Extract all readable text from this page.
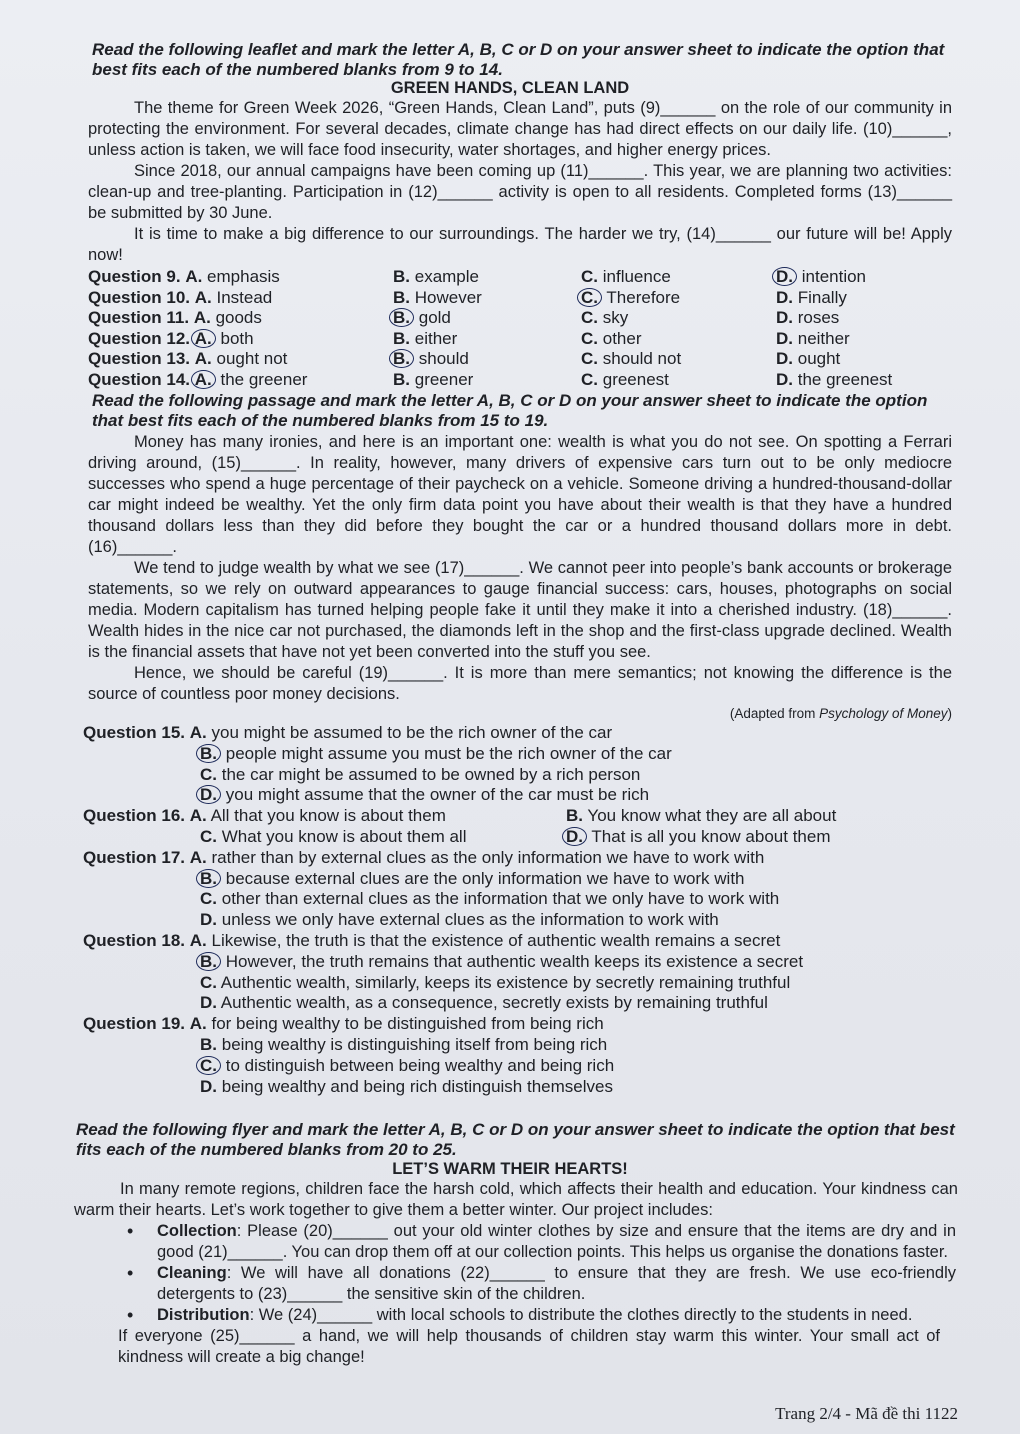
Read the following leaflet and mark the letter A, B, C or D on your answer sheet to indicate the option that best fits each of the numbered blanks from 9 to 14.

GREEN HANDS, CLEAN LAND

The theme for Green Week 2026, “Green Hands, Clean Land”, puts (9)______ on the role of our community in protecting the environment. For several decades, climate change has had direct effects on our daily life. (10)______, unless action is taken, we will face food insecurity, water shortages, and higher energy prices.

Since 2018, our annual campaigns have been coming up (11)______. This year, we are planning two activities: clean-up and tree-planting. Participation in (12)______ activity is open to all residents. Completed forms (13)______ be submitted by 30 June.

It is time to make a big difference to our surroundings. The harder we try, (14)______ our future will be! Apply now!

Question 9. A. emphasis	B. example	C. influence	D. intention
Question 10. A. Instead	B. However	C. Therefore	D. Finally
Question 11. A. goods	B. gold	C. sky	D. roses
Question 12. A. both	B. either	C. other	D. neither
Question 13. A. ought not	B. should	C. should not	D. ought
Question 14. A. the greener	B. greener	C. greenest	D. the greenest

Read the following passage and mark the letter A, B, C or D on your answer sheet to indicate the option that best fits each of the numbered blanks from 15 to 19.

Money has many ironies, and here is an important one: wealth is what you do not see. On spotting a Ferrari driving around, (15)______. In reality, however, many drivers of expensive cars turn out to be only mediocre successes who spend a huge percentage of their paycheck on a vehicle. Someone driving a hundred-thousand-dollar car might indeed be wealthy. Yet the only firm data point you have about their wealth is that they have a hundred thousand dollars less than they did before they bought the car or a hundred thousand dollars more in debt. (16)______.

We tend to judge wealth by what we see (17)______. We cannot peer into people’s bank accounts or brokerage statements, so we rely on outward appearances to gauge financial success: cars, houses, photographs on social media. Modern capitalism has turned helping people fake it until they make it into a cherished industry. (18)______. Wealth hides in the nice car not purchased, the diamonds left in the shop and the first-class upgrade declined. Wealth is the financial assets that have not yet been converted into the stuff you see.

Hence, we should be careful (19)______. It is more than mere semantics; not knowing the difference is the source of countless poor money decisions.

(Adapted from Psychology of Money)

Question 15. A. you might be assumed to be the rich owner of the car

B. people might assume you must be the rich owner of the car

C. the car might be assumed to be owned by a rich person

D. you might assume that the owner of the car must be rich

Question 16. A. All that you know is about them	B. You know what they are all about
C. What you know is about them all	D. That is all you know about them

Question 17. A. rather than by external clues as the only information we have to work with

B. because external clues are the only information we have to work with

C. other than external clues as the information that we only have to work with

D. unless we only have external clues as the information to work with

Question 18. A. Likewise, the truth is that the existence of authentic wealth remains a secret

B. However, the truth remains that authentic wealth keeps its existence a secret

C. Authentic wealth, similarly, keeps its existence by secretly remaining truthful

D. Authentic wealth, as a consequence, secretly exists by remaining truthful

Question 19. A. for being wealthy to be distinguished from being rich

B. being wealthy is distinguishing itself from being rich

C. to distinguish between being wealthy and being rich

D. being wealthy and being rich distinguish themselves

Read the following flyer and mark the letter A, B, C or D on your answer sheet to indicate the option that best fits each of the numbered blanks from 20 to 25.

LET’S WARM THEIR HEARTS!

In many remote regions, children face the harsh cold, which affects their health and education. Your kindness can warm their hearts. Let’s work together to give them a better winter. Our project includes:

• Collection: Please (20)______ out your old winter clothes by size and ensure that the items are dry and in good (21)______. You can drop them off at our collection points. This helps us organise the donations faster.
• Cleaning: We will have all donations (22)______ to ensure that they are fresh. We use eco-friendly detergents to (23)______ the sensitive skin of the children.
• Distribution: We (24)______ with local schools to distribute the clothes directly to the students in need.

If everyone (25)______ a hand, we will help thousands of children stay warm this winter. Your small act of kindness will create a big change!

Trang 2/4 - Mã đề thi 1122
